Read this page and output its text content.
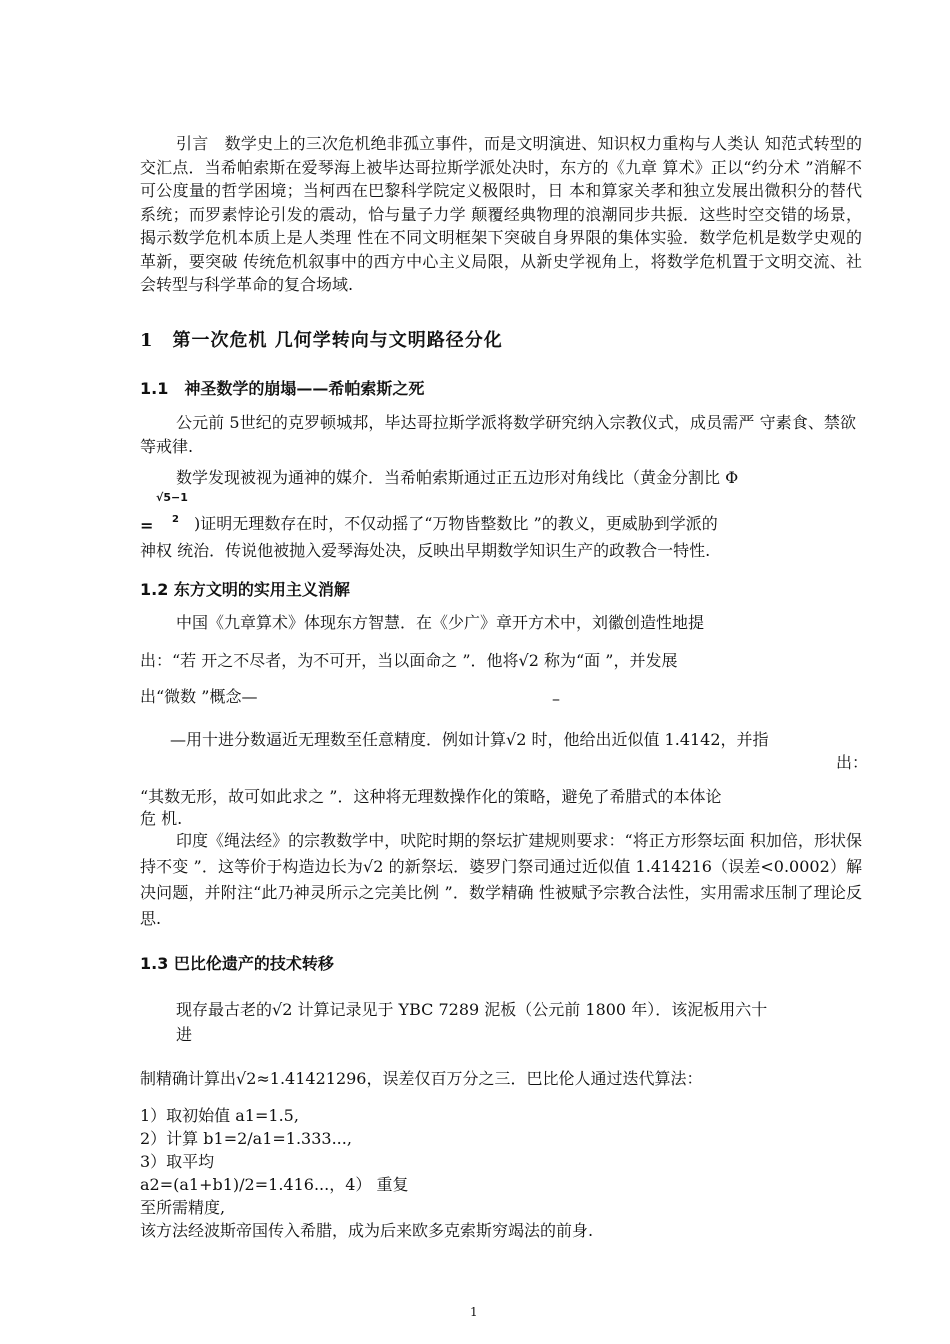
引言　数学史上的三次危机绝非孤立事件，而是文明演进、知识权力重构与人类认 知范式转型的交汇点．当希帕索斯在爱琴海上被毕达哥拉斯学派处决时，东方的《九章 算术》正以“约分术 ”消解不可公度量的哲学困境；当柯西在巴黎科学院定义极限时，日 本和算家关孝和独立发展出微积分的替代系统；而罗素悖论引发的震动，恰与量子力学 颠覆经典物理的浪潮同步共振．这些时空交错的场景，揭示数学危机本质上是人类理 性在不同文明框架下突破自身界限的集体实验．数学危机是数学史观的革新，要突破 传统危机叙事中的西方中心主义局限，从新史学视角上，将数学危机置于文明交流、社 会转型与科学革命的复合场域.

1　第一次危机 几何学转向与文明路径分化
1.1　神圣数学的崩塌——希帕索斯之死

公元前 5世纪的克罗顿城邦，毕达哥拉斯学派将数学研究纳入宗教仪式，成员需严 守素食、禁欲等戒律.

数学发现被视为通神的媒介．当希帕索斯通过正五边形对角线比（黄金分割比 Φ

√5−1
2
=	)证明无理数存在时，不仅动摇了“万物皆整数比 ”的教义，更威胁到学派的

神权 统治．传说他被抛入爱琴海处决，反映出早期数学知识生产的政教合一特性.

1.2 东方文明的实用主义消解

中国《九章算术》体现东方智慧．在《少广》章开方术中，刘徽创造性地提

出：“若 开之不尽者，为不可开，当以面命之 ”．他将√2 称为“面 ”，并发展

出“微数 ”概念—	–

—用十进分数逼近无理数至任意精度．例如计算√2 时，他给出近似值 1.4142，并指

出：

“其数无形，故可如此求之 ”．这种将无理数操作化的策略，避免了希腊式的本体论

危 机.

印度《绳法经》的宗教数学中，吠陀时期的祭坛扩建规则要求：“将正方形祭坛面 积加倍，形状保持不变 ”．这等价于构造边长为√2 的新祭坛．婆罗门祭司通过近似值 1.414216（误差<0.0002）解决问题，并附注“此乃神灵所示之完美比例 ”．数学精确 性被赋予宗教合法性，实用需求压制了理论反思.

1.3 巴比伦遗产的技术转移

现存最古老的√2 计算记录见于 YBC 7289 泥板（公元前 1800 年）．该泥板用六十

进

制精确计算出√2≈1.41421296，误差仅百万分之三．巴比伦人通过迭代算法：

1）取初始值 a1=1.5,
2）计算 b1=2/a1=1.333...,
3）取平均
a2=(a1+b1)/2=1.416...，4） 重复
至所需精度,
该方法经波斯帝国传入希腊，成为后来欧多克索斯穷竭法的前身.
1
